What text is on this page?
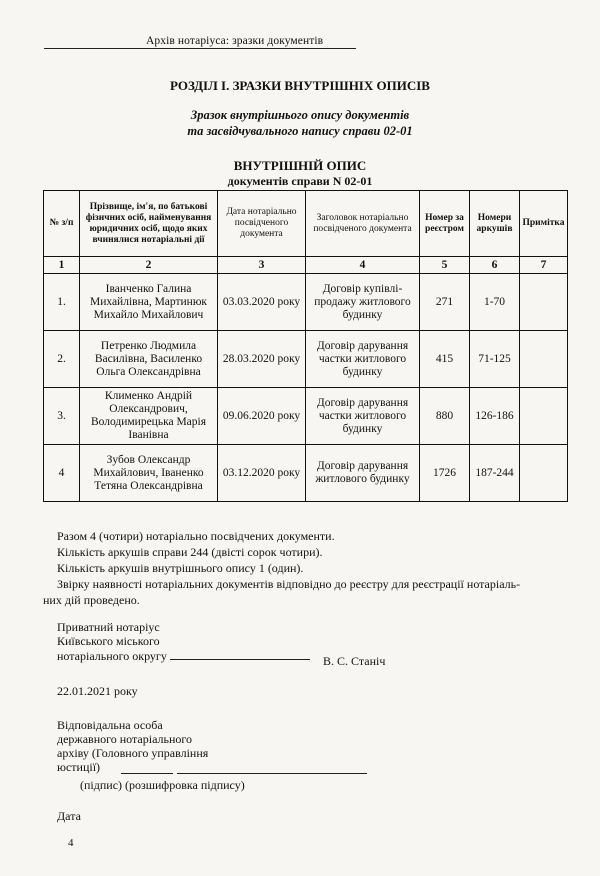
Архів нотаріуса: зразки документів
РОЗДІЛ І. ЗРАЗКИ ВНУТРІШНІХ ОПИСІВ
Зразок внутрішнього опису документів
та засвідчувального напису справи 02-01
ВНУТРІШНІЙ ОПИС
документів справи N 02-01
№ з/п	Прізвище, ім'я, по батькові фізичних осіб, найменування юридичних осіб, щодо яких вчинялися нотаріальні дії	Дата нотаріально посвідченого документа	Заголовок нотаріально посвідченого документа	Номер за реєстром	Номери аркушів	Примітка
1	2	3	4	5	6	7
1.	Іванченко Галина Михайлівна, Мартинюк Михайло Михайлович	03.03.2020 року	Договір купівлі-продажу житлового будинку	271	1-70	
2.	Петренко Людмила Василівна, Василенко Ольга Олександрівна	28.03.2020 року	Договір дарування частки житлового будинку	415	71-125	
3.	Клименко Андрій Олександрович, Володимирецька Марія Іванівна	09.06.2020 року	Договір дарування частки житлового будинку	880	126-186	
4	Зубов Олександр Михайлович, Іваненко Тетяна Олександрівна	03.12.2020 року	Договір дарування житлового будинку	1726	187-244	

Разом 4 (чотири) нотаріально посвідчених документи.

Кількість аркушів справи 244 (двісті сорок чотири).

Кількість аркушів внутрішнього опису 1 (один).

Звірку наявності нотаріальних документів відповідно до реєстру для реєстрації нотаріаль-

них дій проведено.

Приватний нотаріус
Київського міського
нотаріального округу	В. С. Станіч
22.01.2021 року
Відповідальна особа
державного нотаріального
архіву (Головного управління
юстиції)
(підпис) (розшифровка підпису)
Дата
4
